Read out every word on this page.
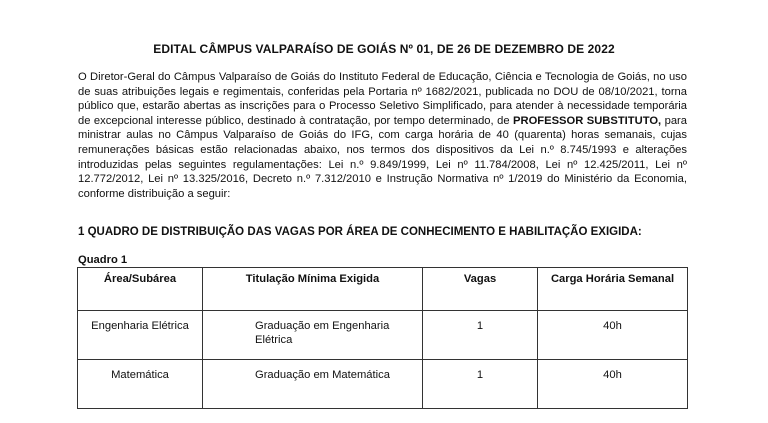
EDITAL CÂMPUS VALPARAÍSO DE GOIÁS Nº 01, DE 26 DE DEZEMBRO DE 2022

O Diretor-Geral do Câmpus Valparaíso de Goiás do Instituto Federal de Educação, Ciência e Tecnologia de Goiás, no uso de suas atribuições legais e regimentais, conferidas pela Portaria nº 1682/2021, publicada no DOU de 08/10/2021, torna público que, estarão abertas as inscrições para o Processo Seletivo Simplificado, para atender à necessidade temporária de excepcional interesse público, destinado à contratação, por tempo determinado, de PROFESSOR SUBSTITUTO, para ministrar aulas no Câmpus Valparaíso de Goiás do IFG, com carga horária de 40 (quarenta) horas semanais, cujas remunerações básicas estão relacionadas abaixo, nos termos dos dispositivos da Lei n.º 8.745/1993 e alterações introduzidas pelas seguintes regulamentações: Lei n.º 9.849/1999, Lei nº 11.784/2008, Lei nº 12.425/2011, Lei nº 12.772/2012, Lei nº 13.325/2016, Decreto n.º 7.312/2010 e Instrução Normativa nº 1/2019 do Ministério da Economia, conforme distribuição a seguir:

1 QUADRO DE DISTRIBUIÇÃO DAS VAGAS POR ÁREA DE CONHECIMENTO E HABILITAÇÃO EXIGIDA:
Quadro 1
Área/Subárea	Titulação Mínima Exigida	Vagas	Carga Horária Semanal
Engenharia Elétrica	Graduação em Engenharia Elétrica	1	40h
Matemática	Graduação em Matemática	1	40h
